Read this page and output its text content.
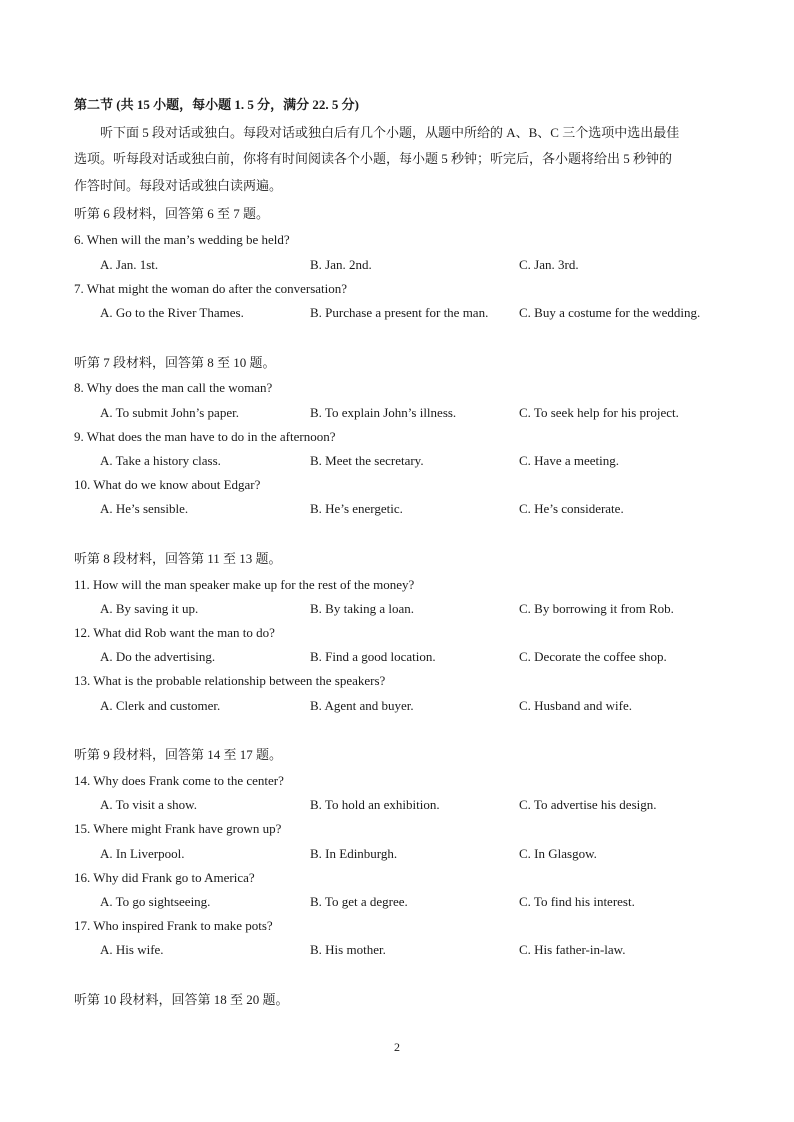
第二节 (共 15 小题，每小题 1. 5 分，满分 22. 5 分)
听下面 5 段对话或独白。每段对话或独白后有几个小题，从题中所给的 A、B、C 三个选项中选出最佳
选项。听每段对话或独白前，你将有时间阅读各个小题，每小题 5 秒钟；听完后，各小题将给出 5 秒钟的
作答时间。每段对话或独白读两遍。
听第 6 段材料，回答第 6 至 7 题。
6. When will the man’s wedding be held?
A. Jan. 1st.	B. Jan. 2nd.	C. Jan. 3rd.
7. What might the woman do after the conversation?
A. Go to the River Thames.	B. Purchase a present for the man. C. Buy a costume for the wedding.
听第 7 段材料，回答第 8 至 10 题。
8. Why does the man call the woman?
A. To submit John’s paper.	B. To explain John’s illness.	C. To seek help for his project.
9. What does the man have to do in the afternoon?
A. Take a history class.	B. Meet the secretary.	C. Have a meeting.
10. What do we know about Edgar?
A. He’s sensible.	B. He’s energetic.	C. He’s considerate.
听第 8 段材料，回答第 11 至 13 题。
11. How will the man speaker make up for the rest of the money?
A. By saving it up.	B. By taking a loan.	C. By borrowing it from Rob.
12. What did Rob want the man to do?
A. Do the advertising.	B. Find a good location.	C. Decorate the coffee shop.
13. What is the probable relationship between the speakers?
A. Clerk and customer.	B. Agent and buyer.	C. Husband and wife.
听第 9 段材料，回答第 14 至 17 题。
14. Why does Frank come to the center?
A. To visit a show.	B. To hold an exhibition.	C. To advertise his design.
15. Where might Frank have grown up?
A. In Liverpool.	B. In Edinburgh.	C. In Glasgow.
16. Why did Frank go to America?
A. To go sightseeing.	B. To get a degree.	C. To find his interest.
17. Who inspired Frank to make pots?
A. His wife.	B. His mother.	C. His father-in-law.
听第 10 段材料，回答第 18 至 20 题。
2
